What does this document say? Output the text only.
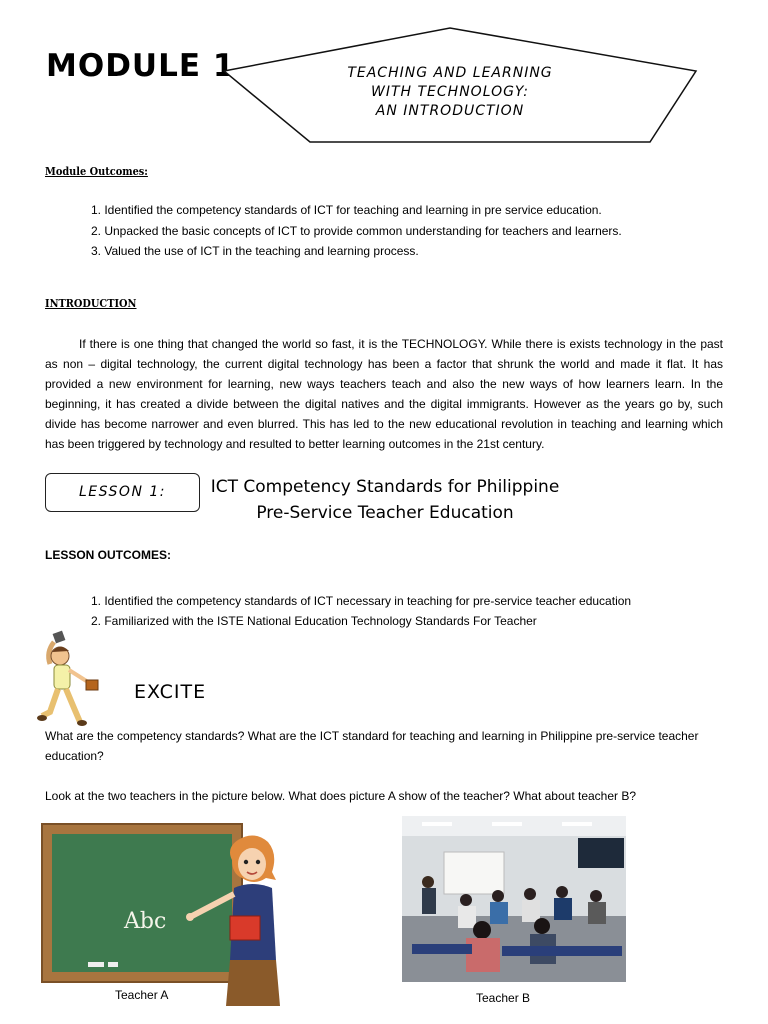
MODULE 1	TEACHING AND LEARNING
WITH TECHNOLOGY:
AN INTRODUCTION
Module Outcomes:
1. Identified the competency standards of ICT for teaching and learning in pre service education.
2. Unpacked the basic concepts of ICT to provide common understanding for teachers and learners.
3. Valued the use of ICT in the teaching and learning process.
INTRODUCTION
If there is one thing that changed the world so fast, it is the TECHNOLOGY. While there is exists technology in the past as non – digital technology, the current digital technology has been a factor that shrunk the world and made it flat. It has provided a new environment for learning, new ways teachers teach and also the new ways of how learners learn. In the beginning, it has created a divide between the digital natives and the digital immigrants. However as the years go by, such divide has become narrower and even blurred. This has led to the new educational revolution in teaching and learning which has been triggered by technology and resulted to better learning outcomes in the 21st century.
LESSON 1:	ICT Competency Standards for Philippine
Pre-Service Teacher Education
LESSON OUTCOMES:
1. Identified the competency standards of ICT necessary in teaching for pre-service teacher education
2. Familiarized with the ISTE National Education Technology Standards For Teacher
EXCITE
What are the competency standards? What are the ICT standard for teaching and learning in Philippine pre-service teacher education?
Look at the two teachers in the picture below. What does picture A show of the teacher? What about teacher B?
Abc
Teacher A	Teacher B
